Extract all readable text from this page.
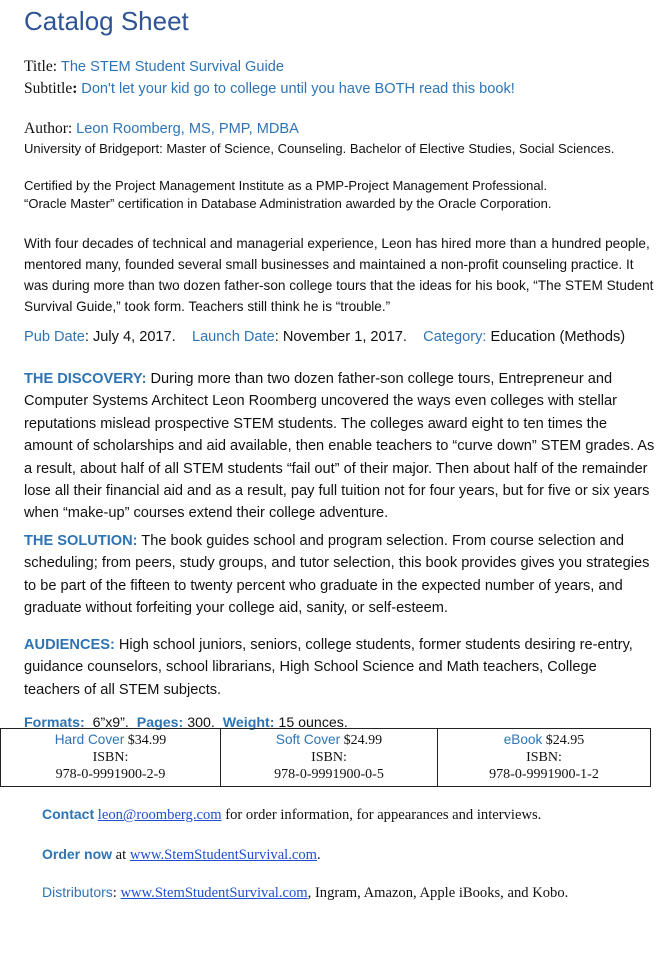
Catalog Sheet
Title: The STEM Student Survival Guide
Subtitle: Don't let your kid go to college until you have BOTH read this book!
Author: Leon Roomberg, MS, PMP, MDBA

University of Bridgeport: Master of Science, Counseling. Bachelor of Elective Studies, Social Sciences.

Certified by the Project Management Institute as a PMP-Project Management Professional.

“Oracle Master” certification in Database Administration awarded by the Oracle Corporation.

With four decades of technical and managerial experience, Leon has hired more than a hundred people, mentored many, founded several small businesses and maintained a non-profit counseling practice. It was during more than two dozen father-son college tours that the ideas for his book, “The STEM Student Survival Guide,” took form. Teachers still think he is “trouble.”

Pub Date: July 4, 2017. Launch Date: November 1, 2017. Category: Education (Methods)

THE DISCOVERY: During more than two dozen father-son college tours, Entrepreneur and Computer Systems Architect Leon Roomberg uncovered the ways even colleges with stellar reputations mislead prospective STEM students. The colleges award eight to ten times the amount of scholarships and aid available, then enable teachers to “curve down” STEM grades. As a result, about half of all STEM students “fail out” of their major. Then about half of the remainder lose all their financial aid and as a result, pay full tuition not for four years, but for five or six years when “make-up” courses extend their college adventure.

THE SOLUTION: The book guides school and program selection. From course selection and scheduling; from peers, study groups, and tutor selection, this book provides gives you strategies to be part of the fifteen to twenty percent who graduate in the expected number of years, and graduate without forfeiting your college aid, sanity, or self-esteem.

AUDIENCES: High school juniors, seniors, college students, former students desiring re-entry, guidance counselors, school librarians, High School Science and Math teachers, College teachers of all STEM subjects.

Formats:  6”x9”.  Pages: 300.  Weight: 15 ounces.
Hard Cover $34.99
ISBN:
978-0-9991900-2-9	Soft Cover $24.99
ISBN:
978-0-9991900-0-5	eBook $24.95
ISBN:
978-0-9991900-1-2
Contact leon@roomberg.com for order information, for appearances and interviews.
Order now at www.StemStudentSurvival.com.
Distributors: www.StemStudentSurvival.com, Ingram, Amazon, Apple iBooks, and Kobo.
